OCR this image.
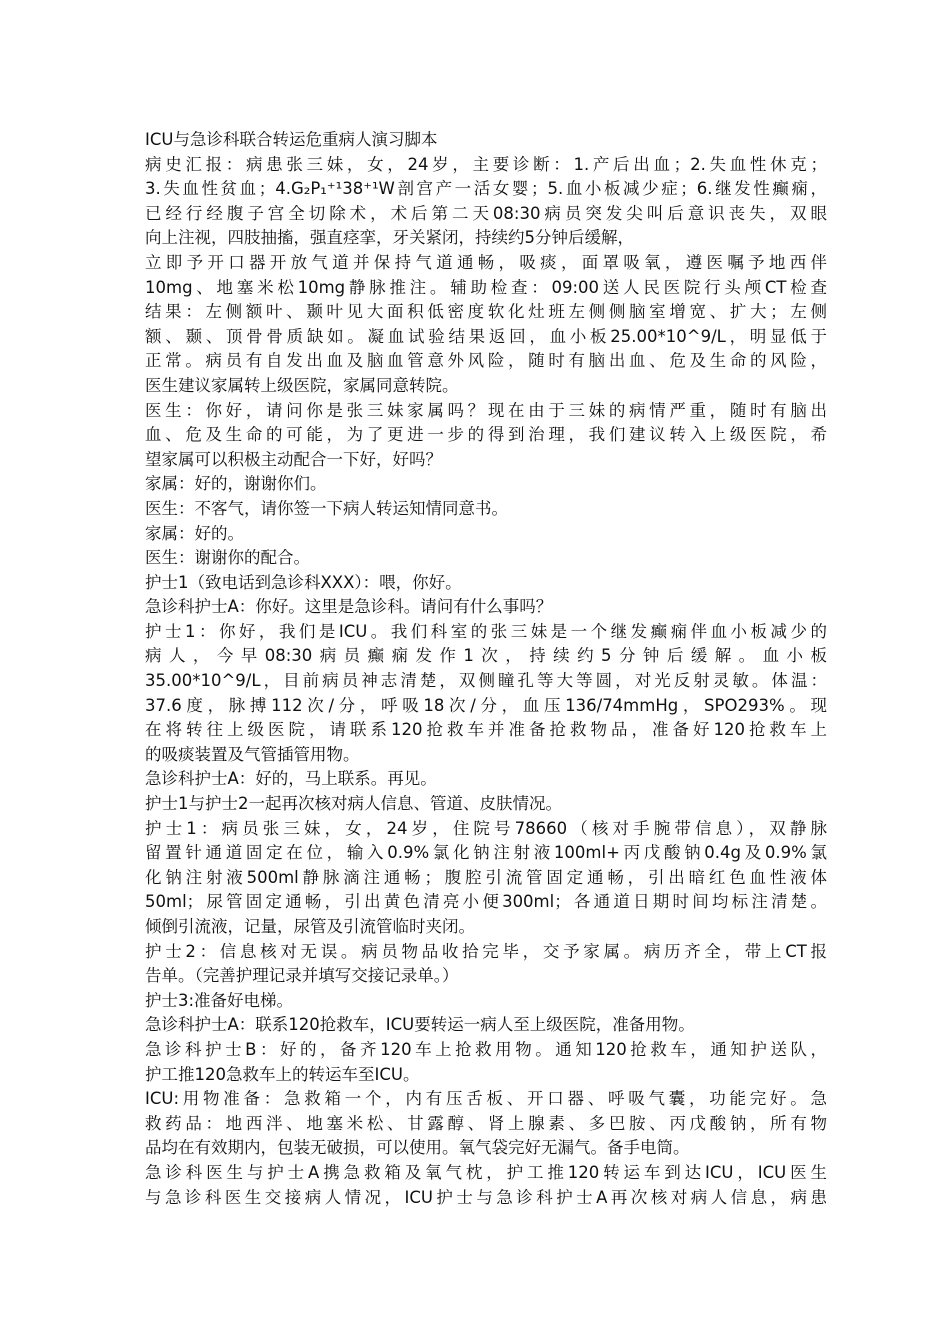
ICU与急诊科联合转运危重病人演习脚本
病史汇报：病患张三妹，女，24岁，主要诊断：1.产后出血；2.失血性休克；
3.失血性贫血；4.G₂P₁⁺¹38⁺¹W剖宫产一活女婴；5.血小板减少症；6.继发性癫痫，
已经行经腹子宫全切除术，术后第二天08:30病员突发尖叫后意识丧失，双眼
向上注视，四肢抽搐，强直痉挛，牙关紧闭，持续约5分钟后缓解，
立即予开口器开放气道并保持气道通畅，吸痰，面罩吸氧，遵医嘱予地西伴
10mg、地塞米松10mg静脉推注。辅助检查：09:00送人民医院行头颅CT检查
结果：左侧额叶、颞叶见大面积低密度软化灶班左侧侧脑室增宽、扩大；左侧
额、颞、顶骨骨质缺如。凝血试验结果返回，血小板25.00*10^9/L，明显低于
正常。病员有自发出血及脑血管意外风险，随时有脑出血、危及生命的风险，
医生建议家属转上级医院，家属同意转院。
医生：你好，请问你是张三妹家属吗？现在由于三妹的病情严重，随时有脑出
血、危及生命的可能，为了更进一步的得到治理，我们建议转入上级医院，希
望家属可以积极主动配合一下好，好吗？
家属：好的，谢谢你们。
医生：不客气，请你签一下病人转运知情同意书。
家属：好的。
医生：谢谢你的配合。
护士1（致电话到急诊科XXX）：喂，你好。
急诊科护士A：你好。这里是急诊科。请问有什么事吗？
护士1：你好，我们是ICU。我们科室的张三妹是一个继发癫痫伴血小板减少的
病人，今早08:30病员癫痫发作1次，持续约5分钟后缓解。血小板
35.00*10^9/L，目前病员神志清楚，双侧瞳孔等大等圆，对光反射灵敏。体温：
37.6度，脉搏112次/分，呼吸18次/分，血压136/74mmHg，SPO293%。现
在将转往上级医院，请联系120抢救车并准备抢救物品，准备好120抢救车上
的吸痰装置及气管插管用物。
急诊科护士A：好的，马上联系。再见。
护士1与护士2一起再次核对病人信息、管道、皮肤情况。
护士1：病员张三妹，女，24岁，住院号78660（核对手腕带信息），双静脉
留置针通道固定在位，输入0.9%氯化钠注射液100ml+丙戊酸钠0.4g及0.9%氯
化钠注射液500ml静脉滴注通畅；腹腔引流管固定通畅，引出暗红色血性液体
50ml；尿管固定通畅，引出黄色清亮小便300ml；各通道日期时间均标注清楚。
倾倒引流液，记量，尿管及引流管临时夹闭。
护士2：信息核对无误。病员物品收拾完毕，交予家属。病历齐全，带上CT报
告单。（完善护理记录并填写交接记录单。）
护士3:准备好电梯。
急诊科护士A：联系120抢救车，ICU要转运一病人至上级医院，准备用物。
急诊科护士B：好的，备齐120车上抢救用物。通知120抢救车，通知护送队，
护工推120急救车上的转运车至ICU。
ICU:用物准备：急救箱一个，内有压舌板、开口器、呼吸气囊，功能完好。急
救药品：地西泮、地塞米松、甘露醇、肾上腺素、多巴胺、丙戊酸钠，所有物
品均在有效期内，包装无破损，可以使用。氧气袋完好无漏气。备手电筒。
急诊科医生与护士A携急救箱及氧气枕，护工推120转运车到达ICU，ICU医生
与急诊科医生交接病人情况，ICU护士与急诊科护士A再次核对病人信息，病患
